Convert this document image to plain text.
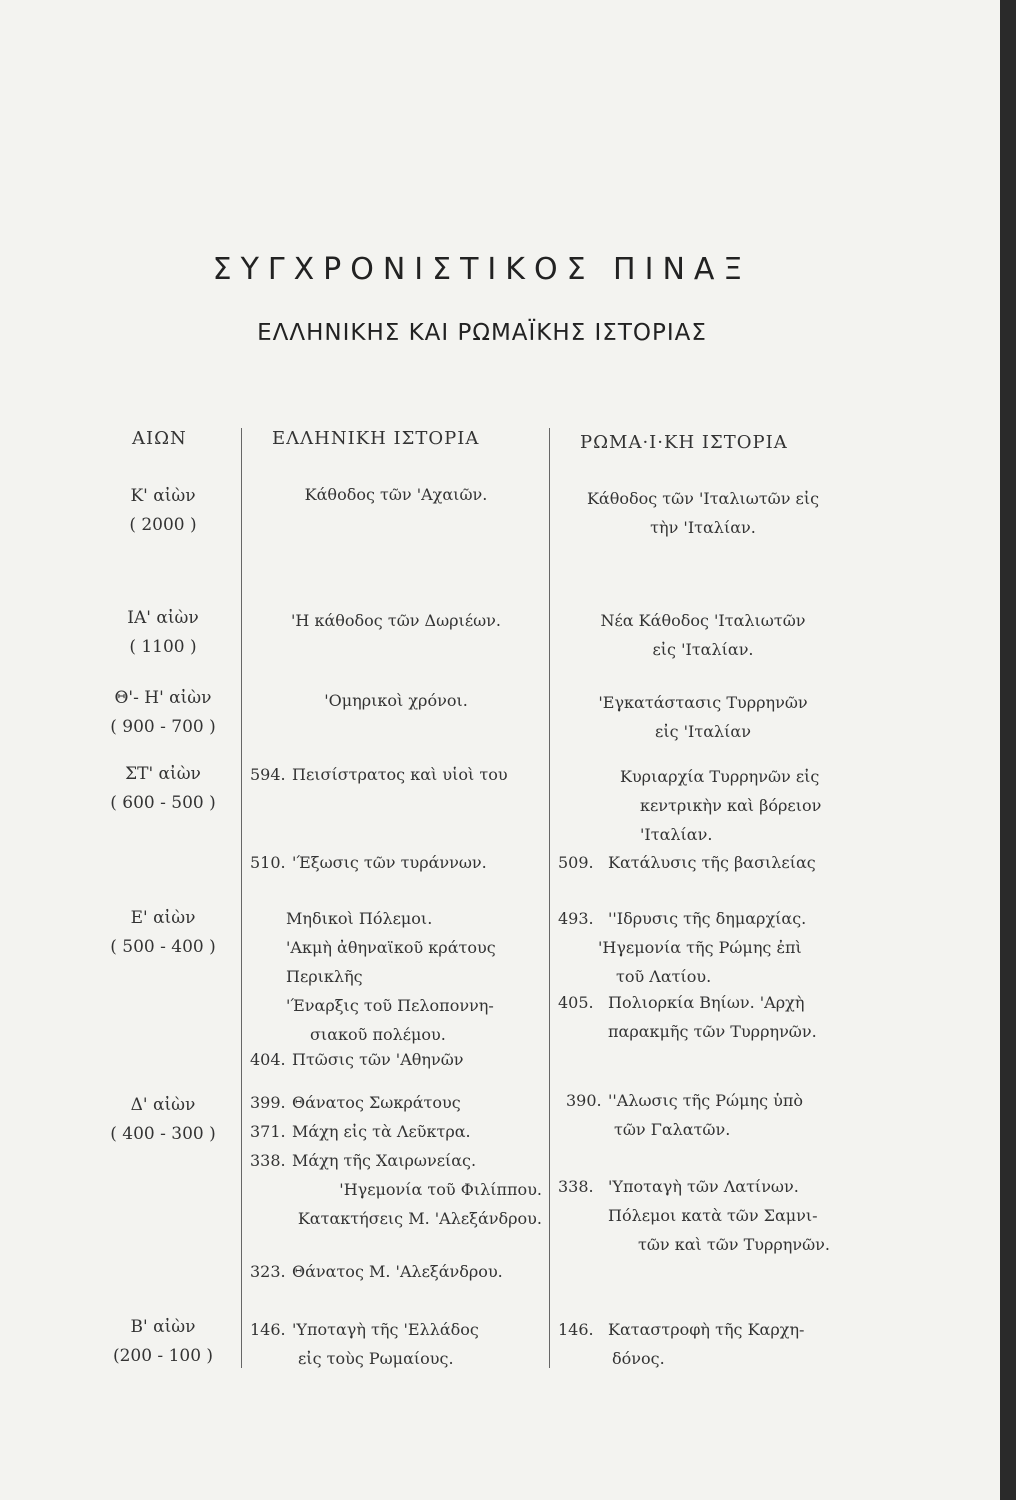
ΣΥΓΧΡΟΝΙΣΤΙΚΟΣ ΠΙΝΑΞ
ΕΛΛΗΝΙΚΗΣ ΚΑΙ ΡΩΜΑΪΚΗΣ ΙΣΤΟΡΙΑΣ
ΑΙΩΝ	ΕΛΛΗΝΙΚΗ ΙΣΤΟΡΙΑ	ΡΩΜΑ·Ι·ΚΗ ΙΣΤΟΡΙΑ
Κ' αἰὼν
( 2000 )
ΙΑ' αἰὼν
( 1100 )
Θ'- Η' αἰὼν
( 900 - 700 )
ΣΤ' αἰὼν
( 600 - 500 )
Ε' αἰὼν
( 500 - 400 )
Δ' αἰὼν
( 400 - 300 )
Β' αἰὼν
(200 - 100 )
Κάθοδος τῶν 'Αχαιῶν.
'Η κάθοδος τῶν Δωριέων.
'Ομηρικοὶ χρόνοι.
594. Πεισίστρατος καὶ υἱοὶ του
510. 'Έξωσις τῶν τυράννων.
Μηδικοὶ Πόλεμοι.
'Ακμὴ ἀθηναϊκοῦ κράτους
Περικλῆς
'Έναρξις τοῦ Πελοποννη-
σιακοῦ πολέμου.
404. Πτῶσις τῶν 'Αθηνῶν
399. Θάνατος Σωκράτους
371. Μάχη εἰς τὰ Λεῦκτρα.
338. Μάχη τῆς Χαιρωνείας.
'Ηγεμονία τοῦ Φιλίππου.
Κατακτήσεις Μ. 'Αλεξάνδρου.
323. Θάνατος Μ. 'Αλεξάνδρου.
146. 'Υποταγὴ τῆς 'Ελλάδος
εἰς τοὺς Ρωμαίους.
Κάθοδος τῶν 'Ιταλιωτῶν εἰς
τὴν 'Ιταλίαν.
Νέα Κάθοδος 'Ιταλιωτῶν
εἰς 'Ιταλίαν.
'Εγκατάστασις Τυρρηνῶν
εἰς 'Ιταλίαν
Κυριαρχία Τυρρηνῶν εἰς
κεντρικὴν καὶ βόρειον
'Ιταλίαν.
509. Κατάλυσις τῆς βασιλείας
493. ''Ιδρυσις τῆς δημαρχίας.
'Ηγεμονία τῆς Ρώμης ἐπὶ
τοῦ Λατίου.
405. Πολιορκία Βηίων. 'Αρχὴ
παρακμῆς τῶν Τυρρηνῶν.
390. ''Αλωσις τῆς Ρώμης ὑπὸ
τῶν Γαλατῶν.
338. 'Υποταγὴ τῶν Λατίνων.
Πόλεμοι κατὰ τῶν Σαμνι-
τῶν καὶ τῶν Τυρρηνῶν.
146. Καταστροφὴ τῆς Καρχη-
δόνος.
